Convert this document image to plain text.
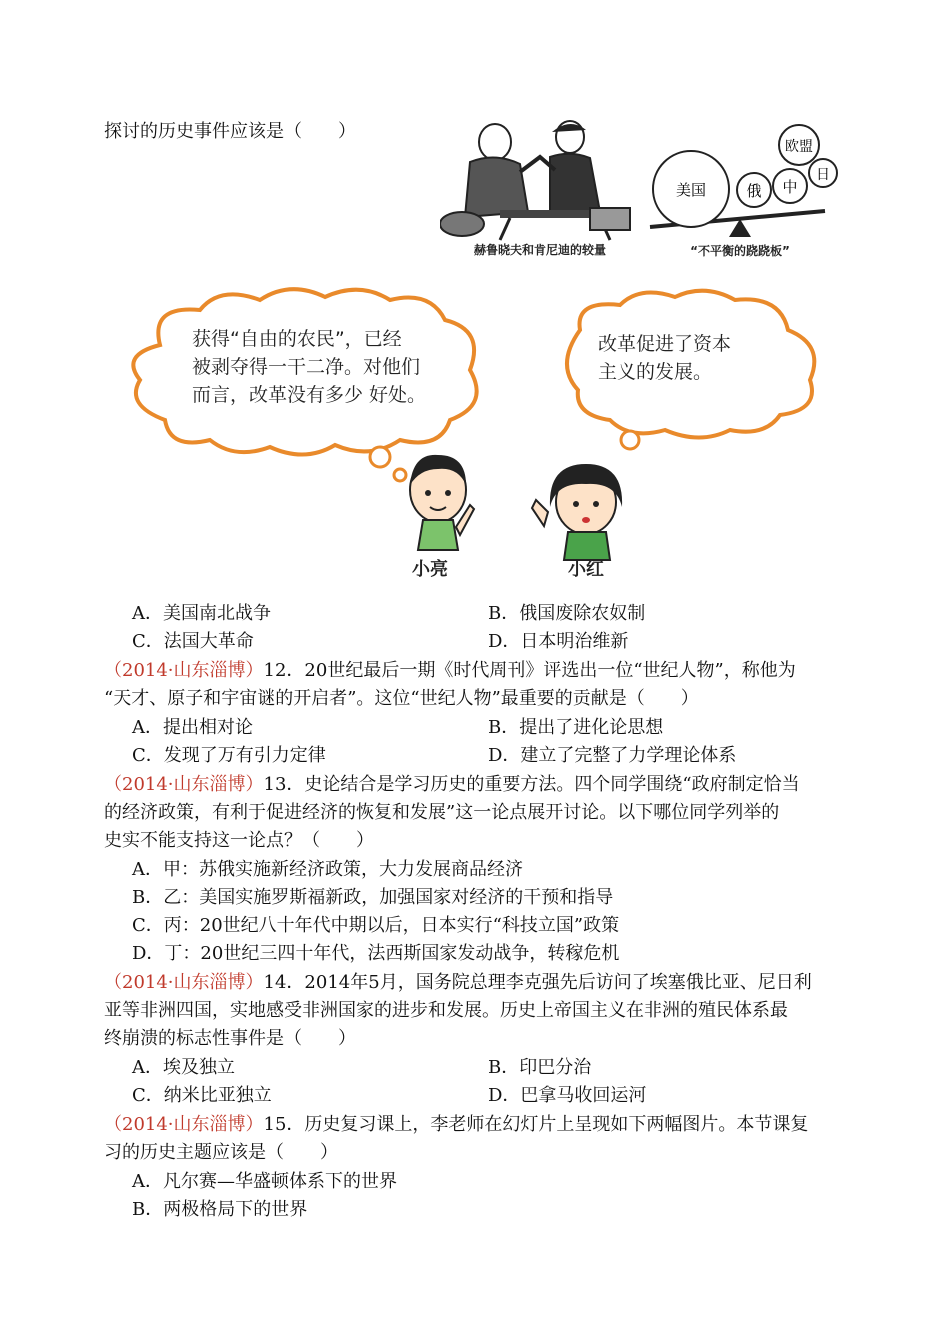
探讨的历史事件应该是（　　）
赫鲁晓夫和肯尼迪的较量
美国	俄 中
欧盟
日
“不平衡的跷跷板”
获得“自由的农民”，已经
被剥夺得一干二净。对他们
而言，改革没有多少 好处。
改革促进了资本
主义的发展。
小亮	小红
A．美国南北战争	B．俄国废除农奴制
C．法国大革命	D．日本明治维新
（2014·山东淄博）12．20世纪最后一期《时代周刊》评选出一位“世纪人物”，称他为
“天才、原子和宇宙谜的开启者”。这位“世纪人物”最重要的贡献是（　　）
A．提出相对论	B．提出了进化论思想
C．发现了万有引力定律	D．建立了完整了力学理论体系
（2014·山东淄博）13．史论结合是学习历史的重要方法。四个同学围绕“政府制定恰当
的经济政策，有利于促进经济的恢复和发展”这一论点展开讨论。以下哪位同学列举的
史实不能支持这一论点？（　　）
A．甲：苏俄实施新经济政策，大力发展商品经济
B．乙：美国实施罗斯福新政，加强国家对经济的干预和指导
C．丙：20世纪八十年代中期以后，日本实行“科技立国”政策
D．丁：20世纪三四十年代，法西斯国家发动战争，转稼危机
（2014·山东淄博）14．2014年5月，国务院总理李克强先后访问了埃塞俄比亚、尼日利
亚等非洲四国，实地感受非洲国家的进步和发展。历史上帝国主义在非洲的殖民体系最
终崩溃的标志性事件是（　　）
A．埃及独立	B．印巴分治
C．纳米比亚独立	D．巴拿马收回运河
（2014·山东淄博）15．历史复习课上，李老师在幻灯片上呈现如下两幅图片。本节课复
习的历史主题应该是（　　）
A．凡尔赛—华盛顿体系下的世界
B．两极格局下的世界
